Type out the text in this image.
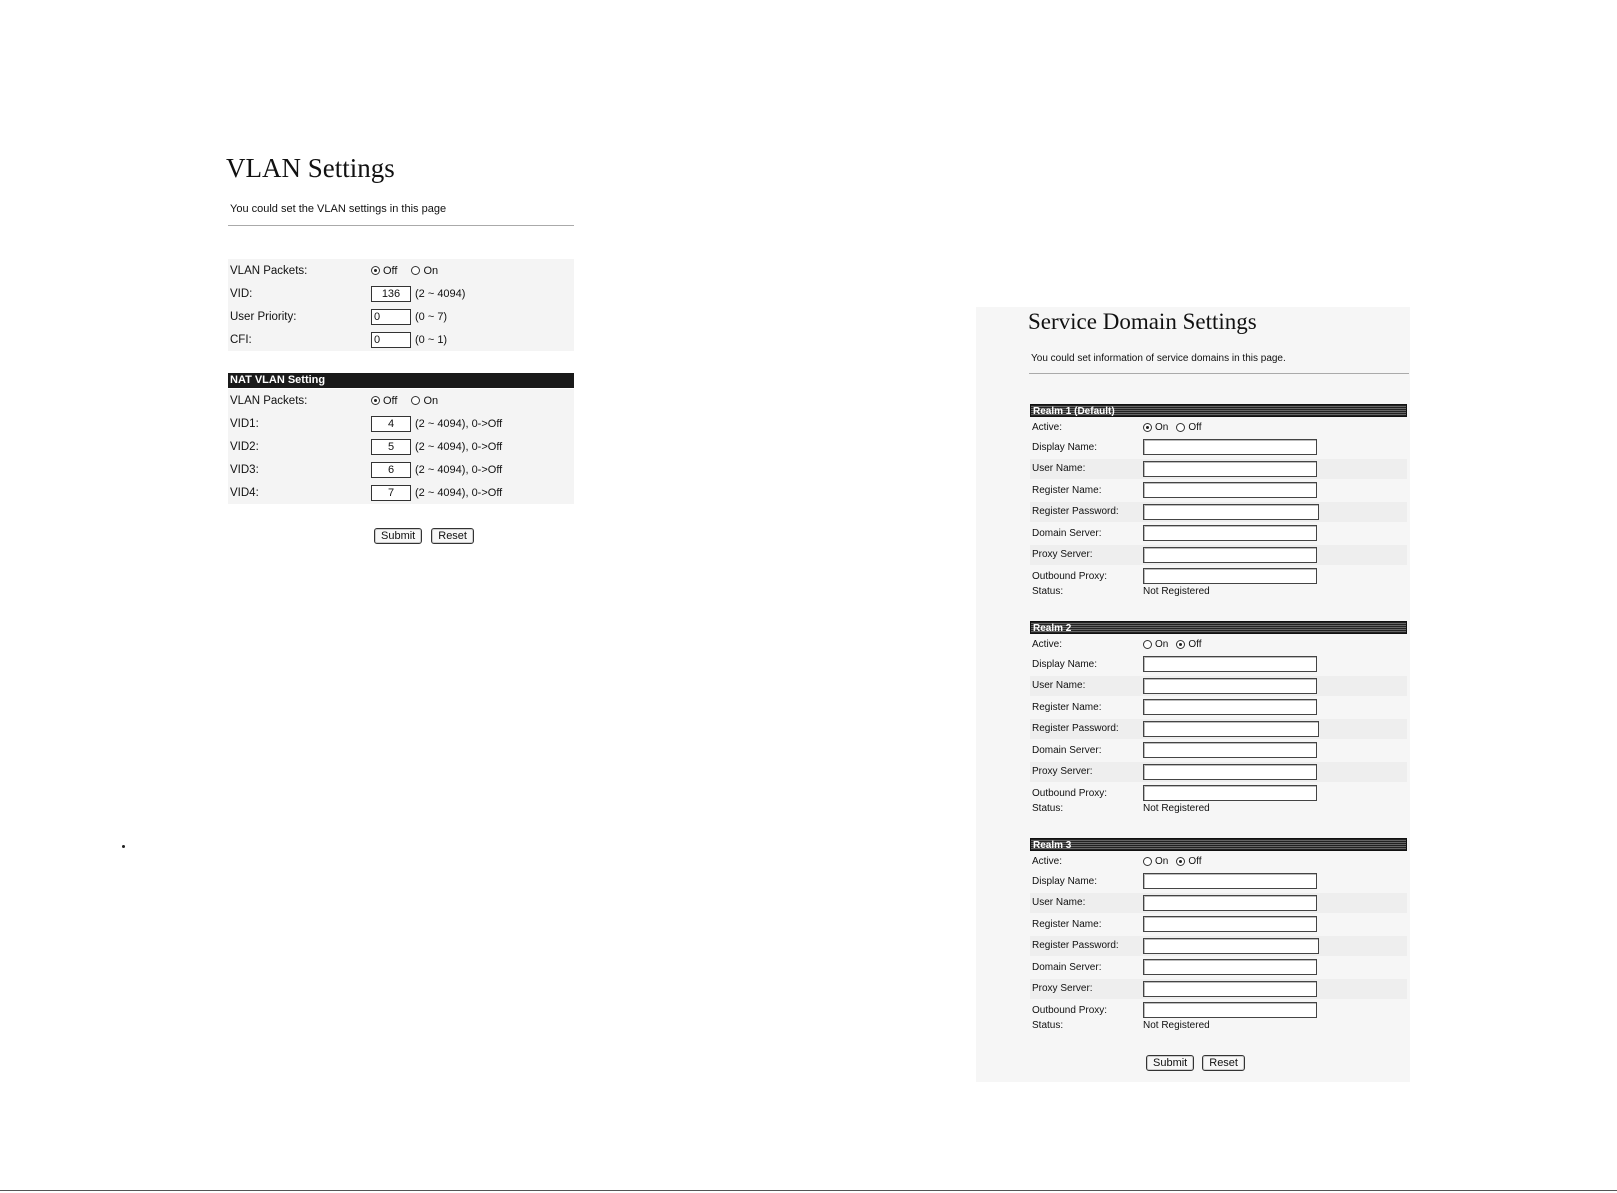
VLAN Settings
You could set the VLAN settings in this page
VLAN Packets:	Off On
VID:	136	(2 ~ 4094)
User Priority:	0	(0 ~ 7)
CFI:	0	(0 ~ 1)
NAT VLAN Setting
VLAN Packets:	Off On
VID1:	4	(2 ~ 4094), 0->Off
VID2:	5	(2 ~ 4094), 0->Off
VID3:	6	(2 ~ 4094), 0->Off
VID4:	7	(2 ~ 4094), 0->Off
Submit	Reset
Service Domain Settings
You could set information of service domains in this page.
Realm 1 (Default)
Active:	On Off
Display Name:
User Name:
Register Name:
Register Password:
Domain Server:
Proxy Server:
Outbound Proxy:
Status:	Not Registered
Realm 2
Active:	On Off
Display Name:
User Name:
Register Name:
Register Password:
Domain Server:
Proxy Server:
Outbound Proxy:
Status:	Not Registered
Realm 3
Active:	On Off
Display Name:
User Name:
Register Name:
Register Password:
Domain Server:
Proxy Server:
Outbound Proxy:
Status:	Not Registered
Submit	Reset
